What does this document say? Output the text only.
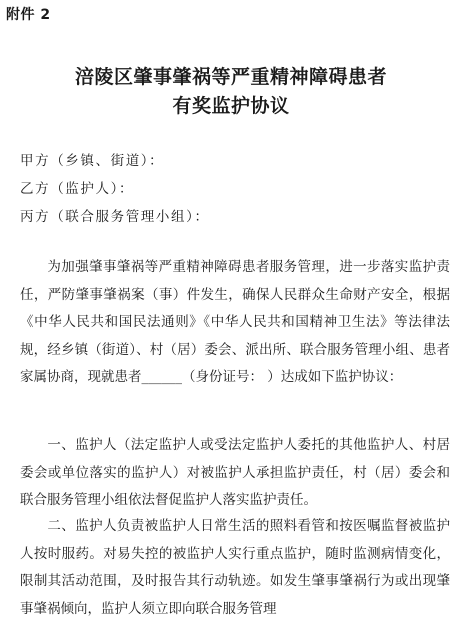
附件 2
涪陵区肇事肇祸等严重精神障碍患者
有奖监护协议
甲方（乡镇、街道）：
乙方（监护人）：
丙方（联合服务管理小组）：
为加强肇事肇祸等严重精神障碍患者服务管理，进一步落实监护责任，严防肇事肇祸案（事）件发生，确保人民群众生命财产安全，根据《中华人民共和国民法通则》《中华人民共和国精神卫生法》等法律法规，经乡镇（街道）、村（居）委会、派出所、联合服务管理小组、患者家属协商，现就患者______（身份证号： ）达成如下监护协议：
一、监护人（法定监护人或受法定监护人委托的其他监护人、村居委会或单位落实的监护人）对被监护人承担监护责任，村（居）委会和联合服务管理小组依法督促监护人落实监护责任。
二、监护人负责被监护人日常生活的照料看管和按医嘱监督被监护人按时服药。对易失控的被监护人实行重点监护，随时监测病情变化，限制其活动范围，及时报告其行动轨迹。如发生肇事肇祸行为或出现肇事肇祸倾向，监护人须立即向联合服务管理
